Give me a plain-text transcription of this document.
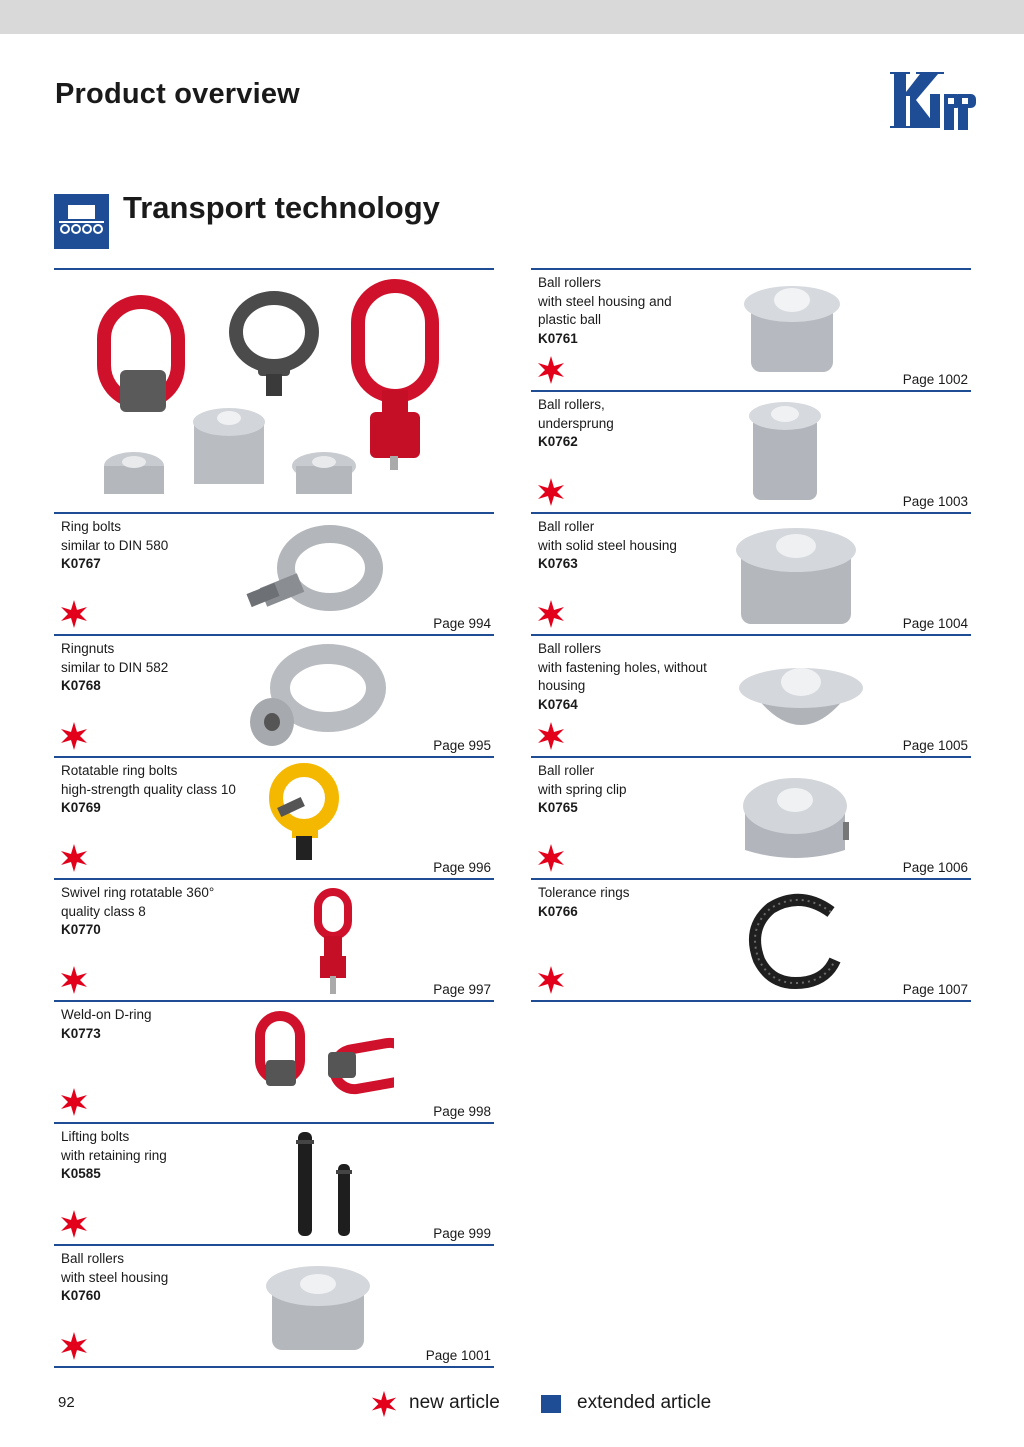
Product overview
Transport technology
Ring bolts
similar to DIN 580
K0767
Page 994
Ringnuts
similar to DIN 582
K0768
Page 995
Rotatable ring bolts
high-strength quality class 10
K0769
Page 996
Swivel ring rotatable 360°
quality class 8
K0770
Page 997
Weld-on D-ring
K0773
Page 998
Lifting bolts
with retaining ring
K0585
Page 999
Ball rollers
with steel housing
K0760
Page 1001
Ball rollers
with steel housing and
plastic ball
K0761
Page 1002
Ball rollers,
undersprung
K0762
Page 1003
Ball roller
with solid steel housing
K0763
Page 1004
Ball rollers
with fastening holes, without
housing
K0764
Page 1005
Ball roller
with spring clip
K0765
Page 1006
Tolerance rings
K0766
Page 1007
92	new article	extended article
